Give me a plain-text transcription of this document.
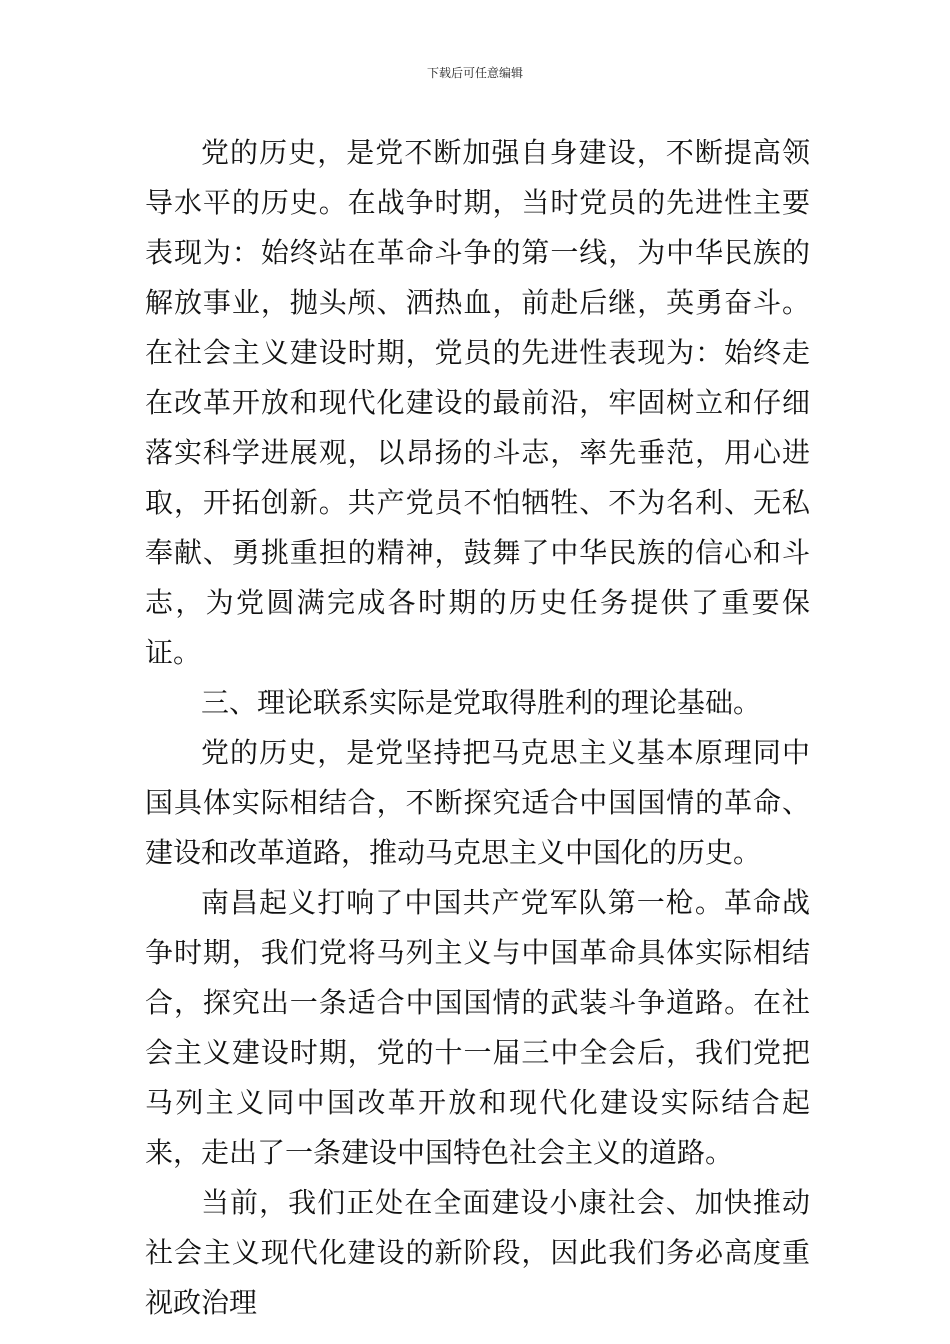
下载后可任意编辑

党的历史，是党不断加强自身建设，不断提高领导水平的历史。在战争时期，当时党员的先进性主要表现为：始终站在革命斗争的第一线，为中华民族的解放事业，抛头颅、洒热血，前赴后继，英勇奋斗。在社会主义建设时期，党员的先进性表现为：始终走在改革开放和现代化建设的最前沿，牢固树立和仔细落实科学进展观，以昂扬的斗志，率先垂范，用心进取，开拓创新。共产党员不怕牺牲、不为名利、无私奉献、勇挑重担的精神，鼓舞了中华民族的信心和斗志，为党圆满完成各时期的历史任务提供了重要保证。

三、理论联系实际是党取得胜利的理论基础。

党的历史，是党坚持把马克思主义基本原理同中国具体实际相结合，不断探究适合中国国情的革命、建设和改革道路，推动马克思主义中国化的历史。

南昌起义打响了中国共产党军队第一枪。革命战争时期，我们党将马列主义与中国革命具体实际相结合，探究出一条适合中国国情的武装斗争道路。在社会主义建设时期，党的十一届三中全会后，我们党把马列主义同中国改革开放和现代化建设实际结合起来，走出了一条建设中国特色社会主义的道路。

当前，我们正处在全面建设小康社会、加快推动社会主义现代化建设的新阶段，因此我们务必高度重视政治理
